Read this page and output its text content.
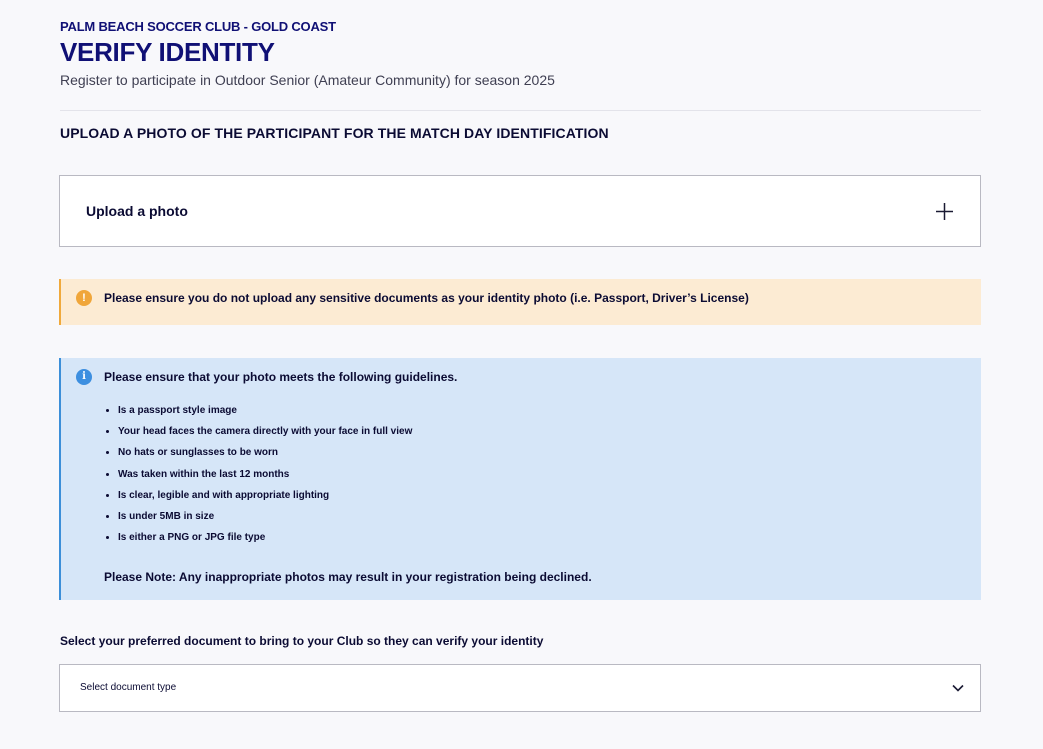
PALM BEACH SOCCER CLUB - GOLD COAST
VERIFY IDENTITY
Register to participate in Outdoor Senior (Amateur Community) for season 2025
UPLOAD A PHOTO OF THE PARTICIPANT FOR THE MATCH DAY IDENTIFICATION
Upload a photo
!	Please ensure you do not upload any sensitive documents as your identity photo (i.e. Passport, Driver’s License)
i	Please ensure that your photo meets the following guidelines.
• Is a passport style image
• Your head faces the camera directly with your face in full view
• No hats or sunglasses to be worn
• Was taken within the last 12 months
• Is clear, legible and with appropriate lighting
• Is under 5MB in size
• Is either a PNG or JPG file type
Please Note: Any inappropriate photos may result in your registration being declined.
Select your preferred document to bring to your Club so they can verify your identity
Select document type
